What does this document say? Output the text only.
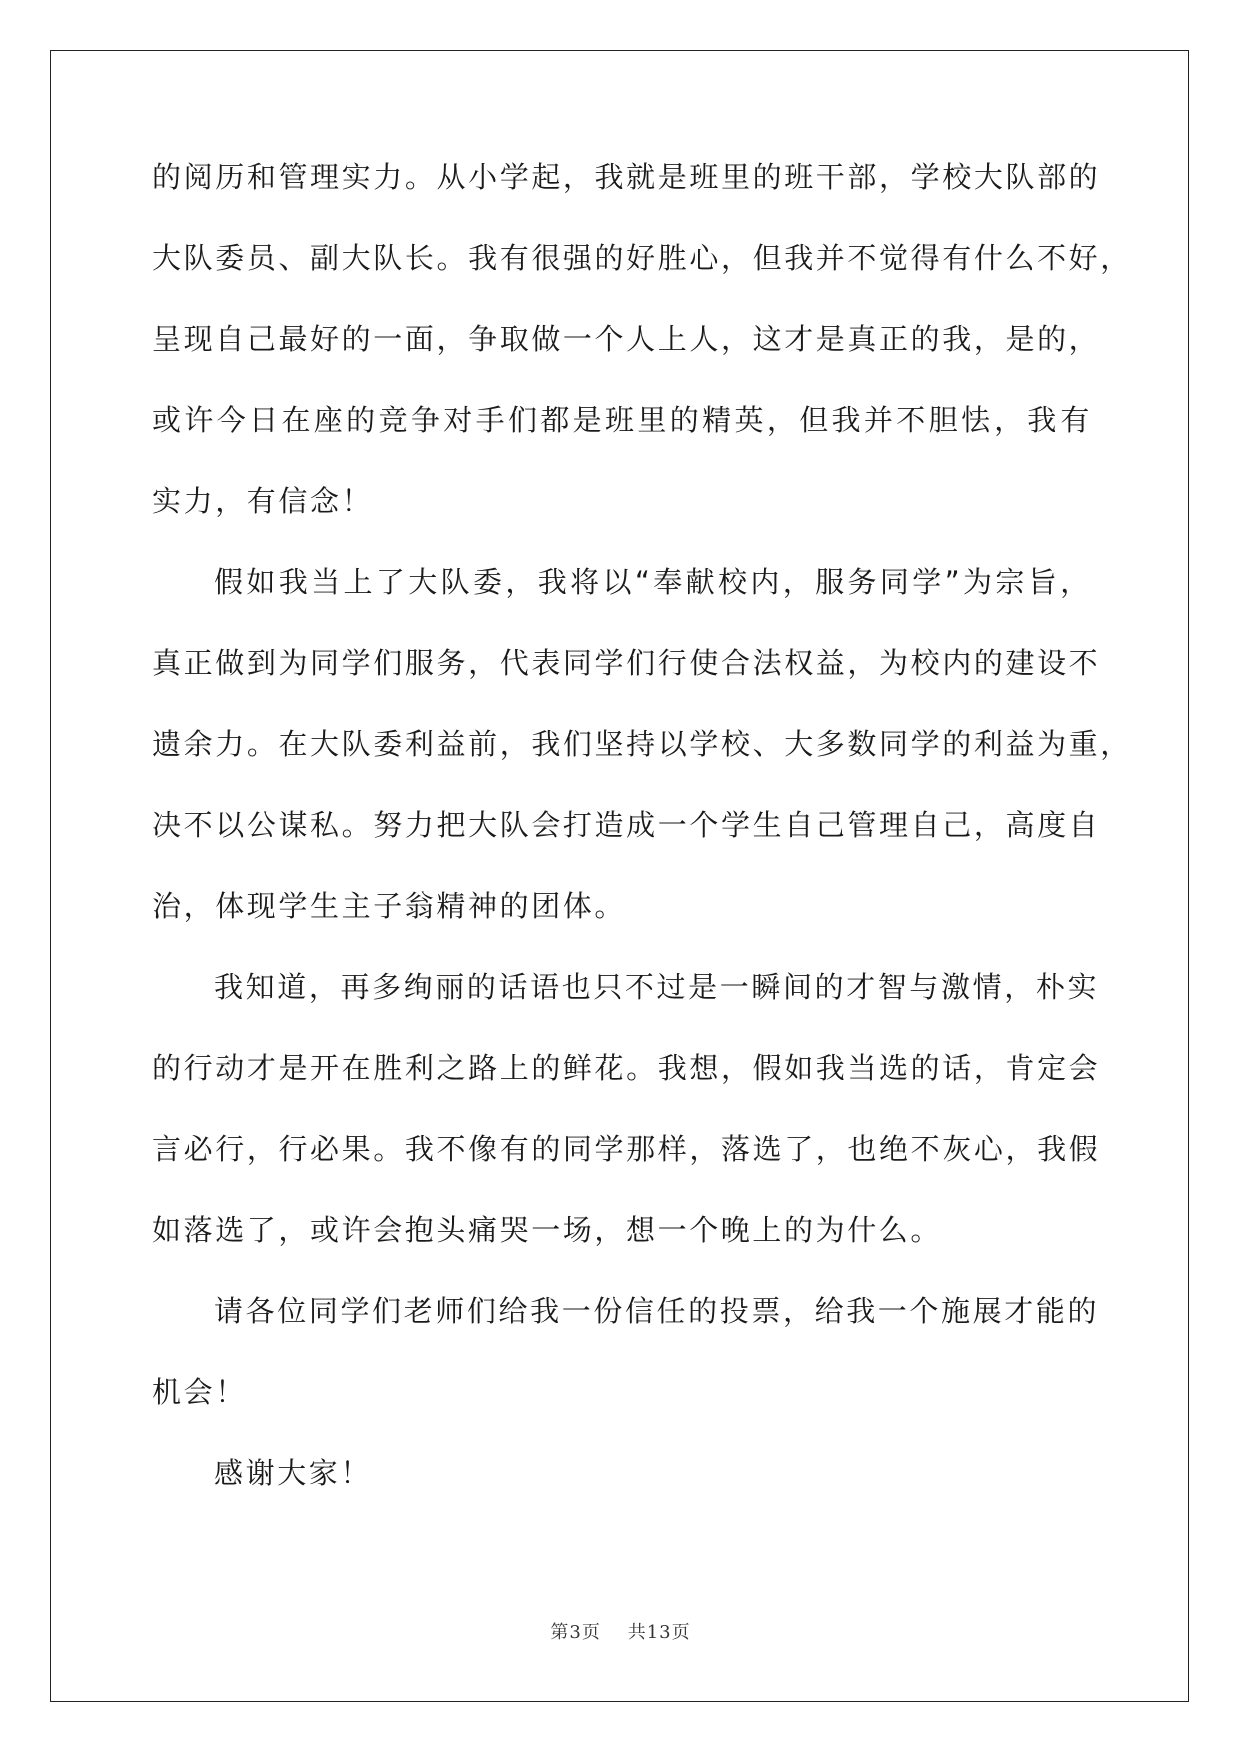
的 阅 历 和 管 理 实 力 。 从 小 学 起 ， 我 就 是 班 里 的 班 干 部 ， 学 校 大 队 部 的
大 队 委 员 、 副 大 队 长 。 我 有 很 强 的 好 胜 心 ， 但 我 并 不 觉 得 有 什 么 不 好 ，
呈 现 自 己 最 好 的 一 面 ， 争 取 做 一 个 人 上 人 ， 这 才 是 真 正 的 我 ， 是 的 ，
或 许 今 日 在 座 的 竞 争 对 手 们 都 是 班 里 的 精 英 ， 但 我 并 不 胆 怯 ， 我 有
实力，有信念！
假 如 我 当 上 了 大 队 委 ， 我 将 以 “ 奉 献 校 内 ， 服 务 同 学 ” 为 宗 旨 ，
真 正 做 到 为 同 学 们 服 务 ， 代 表 同 学 们 行 使 合 法 权 益 ， 为 校 内 的 建 设 不
遗 余 力 。 在 大 队 委 利 益 前 ， 我 们 坚 持 以 学 校 、 大 多 数 同 学 的 利 益 为 重 ，
决 不 以 公 谋 私 。 努 力 把 大 队 会 打 造 成 一 个 学 生 自 己 管 理 自 己 ， 高 度 自
治，体现学生主子翁精神的团体。
我 知 道 ， 再 多 绚 丽 的 话 语 也 只 不 过 是 一 瞬 间 的 才 智 与 激 情 ， 朴 实
的 行 动 才 是 开 在 胜 利 之 路 上 的 鲜 花 。 我 想 ， 假 如 我 当 选 的 话 ， 肯 定 会
言 必 行 ， 行 必 果 。 我 不 像 有 的 同 学 那 样 ， 落 选 了 ， 也 绝 不 灰 心 ， 我 假
如落选了，或许会抱头痛哭一场，想一个晚上的为什么。
请 各 位 同 学 们 老 师 们 给 我 一 份 信 任 的 投 票 ， 给 我 一 个 施 展 才 能 的
机会！
感谢大家！
第3页    共13页
